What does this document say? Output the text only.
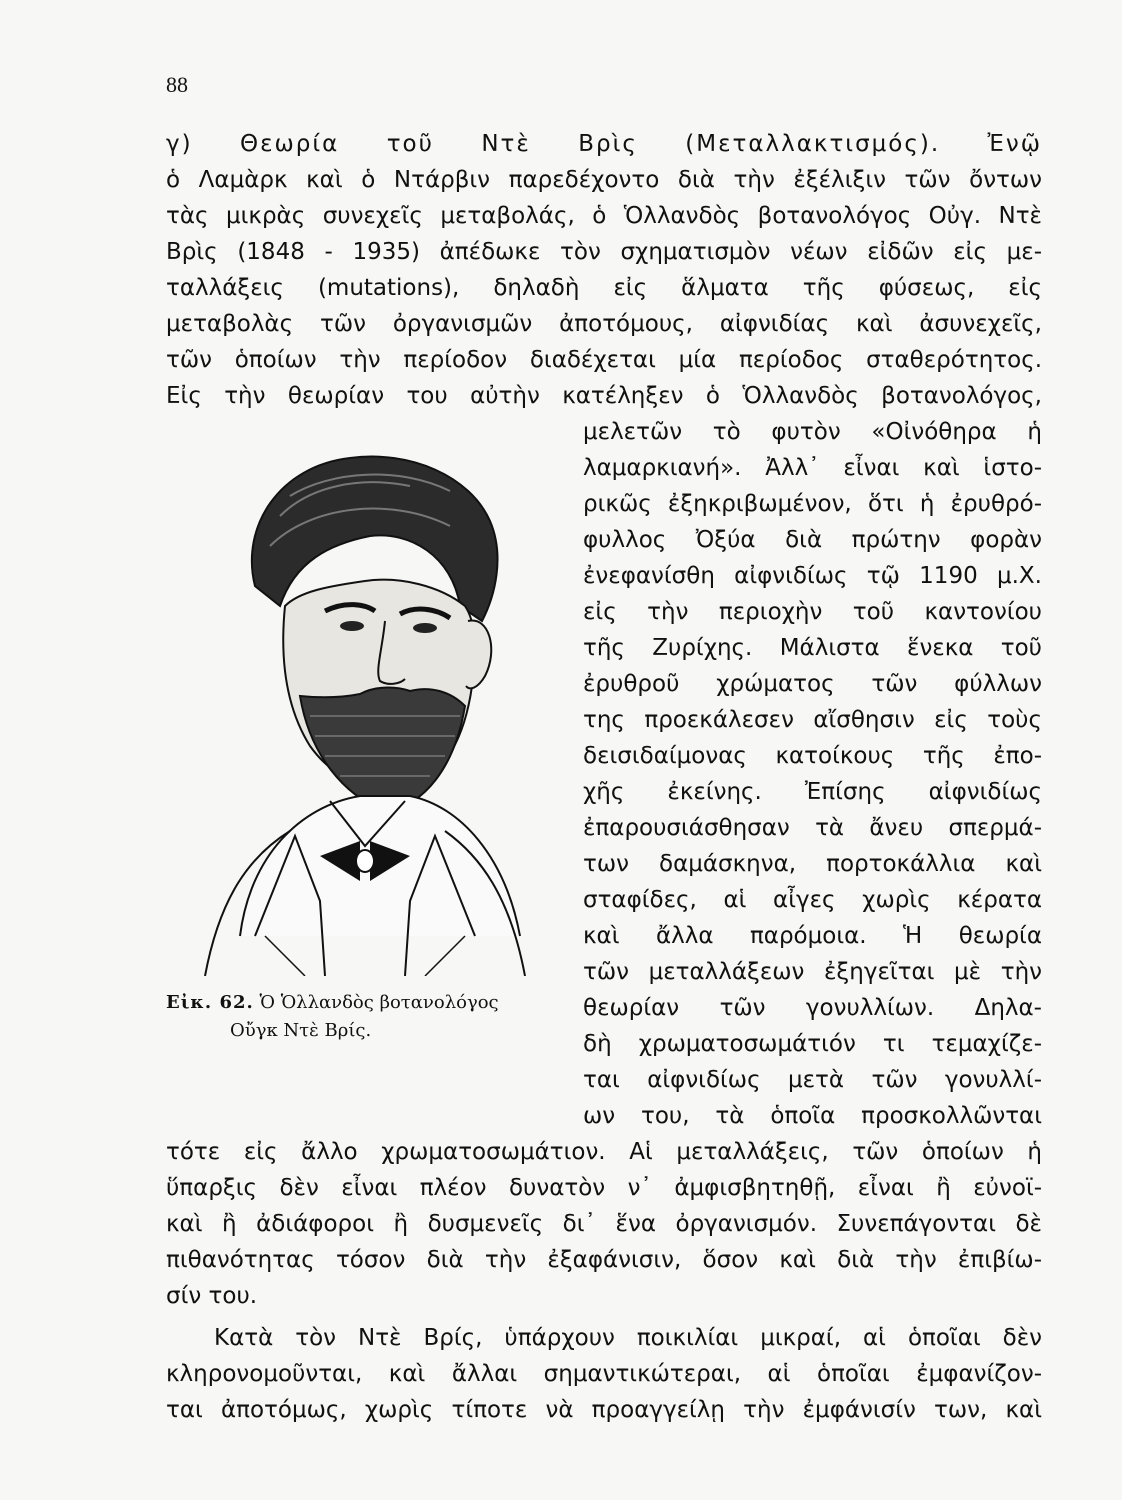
88
γ) Θεωρία τοῦ Ντὲ Βρὶς (Μεταλλακτισμός). Ἐνῷ
ὁ Λαμὰρκ καὶ ὁ Ντάρβιν παρεδέχοντο διὰ τὴν ἐξέλιξιν τῶν ὄντων
τὰς μικρὰς συνεχεῖς μεταβολάς, ὁ Ὁλλανδὸς βοτανολόγος Οὐγ. Ντὲ
Βρὶς (1848 - 1935) ἀπέδωκε τὸν σχηματισμὸν νέων εἰδῶν εἰς με-
ταλλάξεις (mutations), δηλαδὴ εἰς ἅλματα τῆς φύσεως, εἰς
μεταβολὰς τῶν ὀργανισμῶν ἀποτόμους, αἰφνιδίας καὶ ἀσυνεχεῖς,
τῶν ὁποίων τὴν περίοδον διαδέχεται μία περίοδος σταθερότητος.
Εἰς τὴν θεωρίαν του αὐτὴν κατέληξεν ὁ Ὁλλανδὸς βοτανολόγος,
μελετῶν τὸ φυτὸν «Οἰνόθηρα ἡ
λαμαρκιανή». Ἀλλ᾽ εἶναι καὶ ἱστο-
ρικῶς ἐξηκριβωμένον, ὅτι ἡ ἐρυθρό-
φυλλος Ὀξύα διὰ πρώτην φορὰν
ἐνεφανίσθη αἰφνιδίως τῷ 1190 μ.Χ.
εἰς τὴν περιοχὴν τοῦ καντονίου
τῆς Ζυρίχης. Μάλιστα ἕνεκα τοῦ
ἐρυθροῦ χρώματος τῶν φύλλων
της προεκάλεσεν αἴσθησιν εἰς τοὺς
δεισιδαίμονας κατοίκους τῆς ἐπο-
χῆς ἐκείνης. Ἐπίσης αἰφνιδίως
ἐπαρουσιάσθησαν τὰ ἄνευ σπερμά-
των δαμάσκηνα, πορτοκάλλια καὶ
σταφίδες, αἱ αἶγες χωρὶς κέρατα
καὶ ἄλλα παρόμοια. Ἡ θεωρία
τῶν μεταλλάξεων ἐξηγεῖται μὲ τὴν
θεωρίαν τῶν γονυλλίων. Δηλα-
δὴ χρωματοσωμάτιόν τι τεμαχίζε-
ται αἰφνιδίως μετὰ τῶν γονυλλί-
ων του, τὰ ὁποῖα προσκολλῶνται
Εἰκ. 62. Ὁ Ὁλλανδὸς βοτανολόγος
Οὔγκ Ντὲ Βρίς.
τότε εἰς ἄλλο χρωματοσωμάτιον. Αἱ μεταλλάξεις, τῶν ὁποίων ἡ
ὕπαρξις δὲν εἶναι πλέον δυνατὸν ν᾽ ἀμφισβητηθῇ, εἶναι ἢ εὐνοϊ-
καὶ ἢ ἀδιάφοροι ἢ δυσμενεῖς δι᾽ ἕνα ὀργανισμόν. Συνεπάγονται δὲ
πιθανότητας τόσον διὰ τὴν ἐξαφάνισιν, ὅσον καὶ διὰ τὴν ἐπιβίω-
σίν του.
Κατὰ τὸν Ντὲ Βρίς, ὑπάρχουν ποικιλίαι μικραί, αἱ ὁποῖαι δὲν
κληρονομοῦνται, καὶ ἄλλαι σημαντικώτεραι, αἱ ὁποῖαι ἐμφανίζον-
ται ἀποτόμως, χωρὶς τίποτε νὰ προαγγείλῃ τὴν ἐμφάνισίν των, καὶ
